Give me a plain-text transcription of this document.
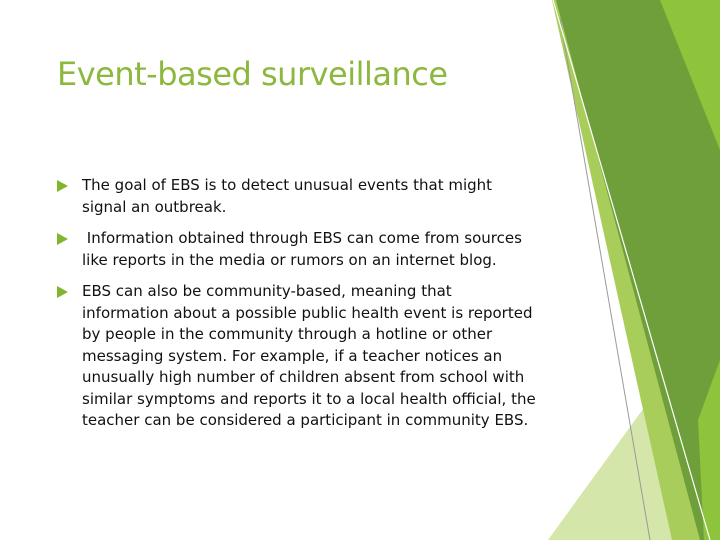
Event-based surveillance
The goal of EBS is to detect unusual events that might signal an outbreak.
Information obtained through EBS can come from sources like reports in the media or rumors on an internet blog.
EBS can also be community-based, meaning that information about a possible public health event is reported by people in the community through a hotline or other messaging system. For example, if a teacher notices an unusually high number of children absent from school with similar symptoms and reports it to a local health official, the teacher can be considered a participant in community EBS.
